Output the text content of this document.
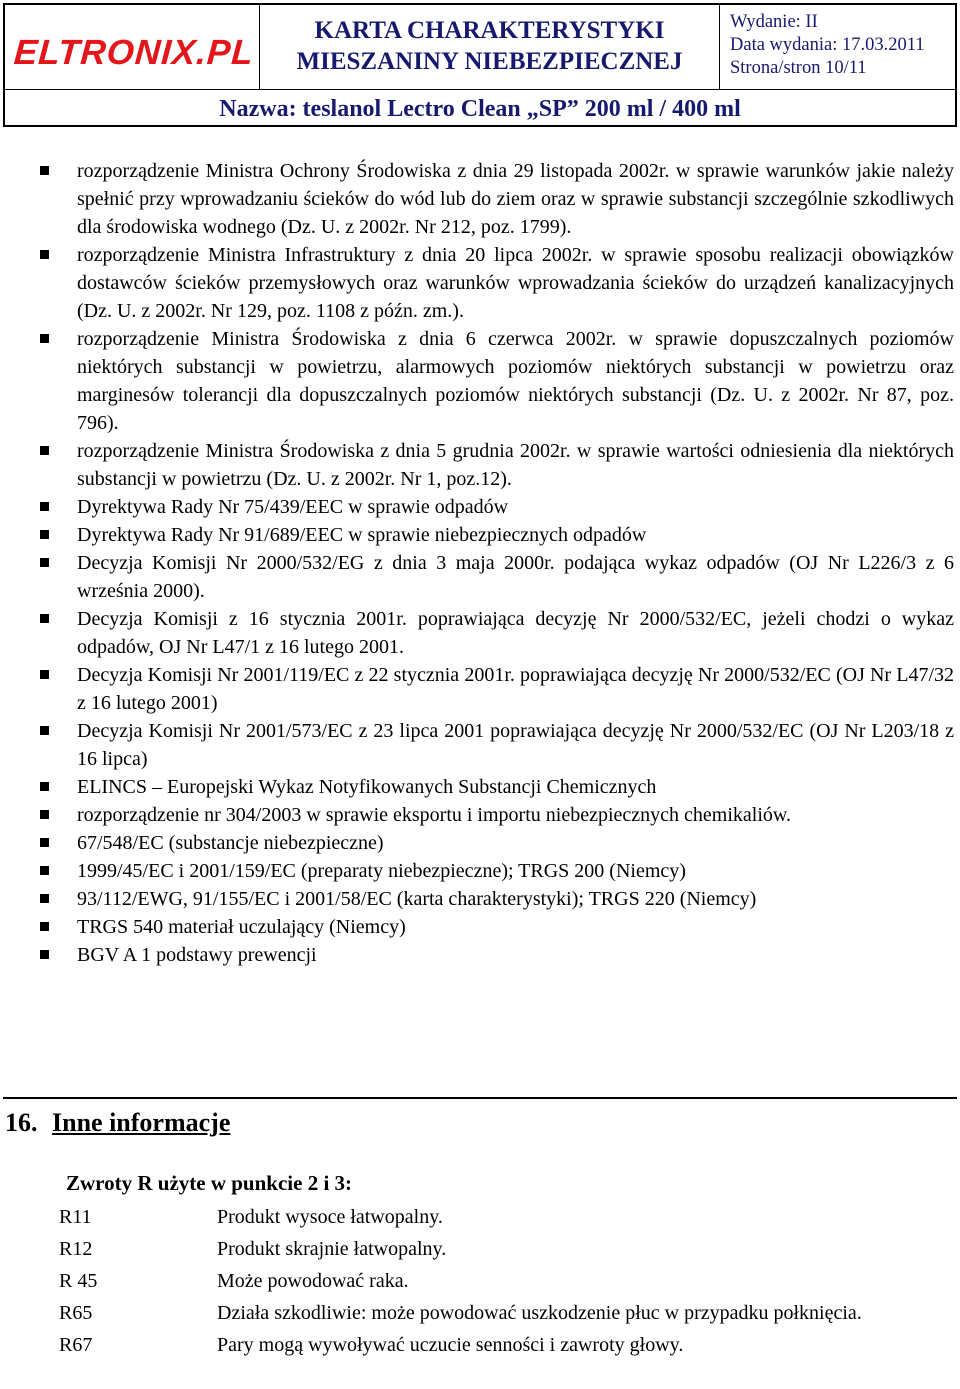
ELTRONIX.PL
KARTA CHARAKTERYSTYKI
MIESZANINY NIEBEZPIECZNEJ
Wydanie: II
Data wydania: 17.03.2011
Strona/stron 10/11
Nazwa: teslanol Lectro Clean „SP” 200 ml / 400 ml
rozporządzenie Ministra Ochrony Środowiska z dnia 29 listopada 2002r. w sprawie warunków jakie należy spełnić przy wprowadzaniu ścieków do wód lub do ziem oraz w sprawie substancji szczególnie szkodliwych dla środowiska wodnego (Dz. U. z 2002r. Nr 212, poz. 1799).
rozporządzenie Ministra Infrastruktury z dnia 20 lipca 2002r. w sprawie sposobu realizacji obowiązków dostawców ścieków przemysłowych oraz warunków wprowadzania ścieków do urządzeń kanalizacyjnych (Dz. U. z 2002r. Nr 129, poz. 1108 z późn. zm.).
rozporządzenie Ministra Środowiska z dnia 6 czerwca 2002r. w sprawie dopuszczalnych poziomów niektórych substancji w powietrzu, alarmowych poziomów niektórych substancji w powietrzu oraz marginesów tolerancji dla dopuszczalnych poziomów niektórych substancji (Dz. U. z 2002r. Nr 87, poz. 796).
rozporządzenie Ministra Środowiska z dnia 5 grudnia 2002r. w sprawie wartości odniesienia dla niektórych substancji w powietrzu (Dz. U. z 2002r. Nr 1, poz.12).
Dyrektywa Rady Nr 75/439/EEC w sprawie odpadów
Dyrektywa Rady Nr 91/689/EEC w sprawie niebezpiecznych odpadów
Decyzja Komisji Nr 2000/532/EG z dnia 3 maja 2000r. podająca wykaz odpadów (OJ Nr L226/3 z 6 września 2000).
Decyzja Komisji z 16 stycznia 2001r. poprawiająca decyzję Nr 2000/532/EC, jeżeli chodzi o wykaz odpadów, OJ Nr L47/1 z 16 lutego 2001.
Decyzja Komisji Nr 2001/119/EC z 22 stycznia 2001r. poprawiająca decyzję Nr 2000/532/EC (OJ Nr L47/32 z 16 lutego 2001)
Decyzja Komisji Nr 2001/573/EC z 23 lipca 2001 poprawiająca decyzję Nr 2000/532/EC (OJ Nr L203/18 z 16 lipca)
ELINCS – Europejski Wykaz Notyfikowanych Substancji Chemicznych
rozporządzenie nr 304/2003 w sprawie eksportu i importu niebezpiecznych chemikaliów.
67/548/EC (substancje niebezpieczne)
1999/45/EC i 2001/159/EC (preparaty niebezpieczne); TRGS 200 (Niemcy)
93/112/EWG, 91/155/EC i 2001/58/EC (karta charakterystyki); TRGS 220 (Niemcy)
TRGS 540 materiał uczulający (Niemcy)
BGV A 1 podstawy prewencji
16. Inne informacje
Zwroty R użyte w punkcie 2 i 3:
R11	Produkt wysoce łatwopalny.
R12	Produkt skrajnie łatwopalny.
R 45	Może powodować raka.
R65	Działa szkodliwie: może powodować uszkodzenie płuc w przypadku połknięcia.
R67	Pary mogą wywoływać uczucie senności i zawroty głowy.
